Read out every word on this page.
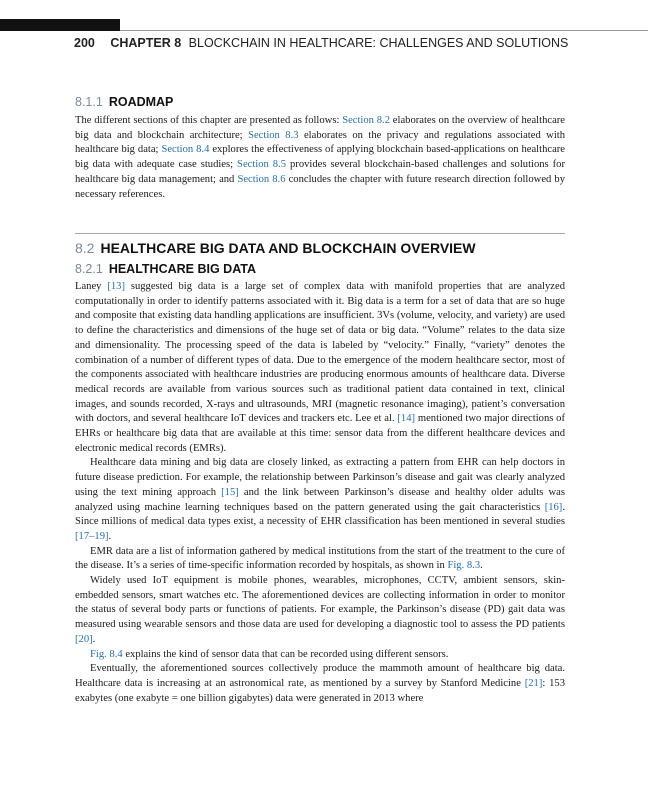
200 CHAPTER 8 BLOCKCHAIN IN HEALTHCARE: CHALLENGES AND SOLUTIONS
8.1.1 ROADMAP

The different sections of this chapter are presented as follows: Section 8.2 elaborates on the overview of healthcare big data and blockchain architecture; Section 8.3 elaborates on the privacy and regulations associated with healthcare big data; Section 8.4 explores the effectiveness of applying blockchain based-applications on healthcare big data with adequate case studies; Section 8.5 provides several blockchain-based challenges and solutions for healthcare big data management; and Section 8.6 concludes the chapter with future research direction followed by necessary references.

8.2 HEALTHCARE BIG DATA AND BLOCKCHAIN OVERVIEW
8.2.1 HEALTHCARE BIG DATA

Laney [13] suggested big data is a large set of complex data with manifold properties that are analyzed computationally in order to identify patterns associated with it. Big data is a term for a set of data that are so huge and composite that existing data handling applications are insufficient. 3Vs (volume, velocity, and variety) are used to define the characteristics and dimensions of the huge set of data or big data. “Volume” relates to the data size and dimensionality. The processing speed of the data is labeled by “velocity.” Finally, “variety” denotes the combination of a number of different types of data. Due to the emergence of the modern healthcare sector, most of the components associated with healthcare industries are producing enormous amounts of healthcare data. Diverse medical records are available from various sources such as traditional patient data contained in text, clinical images, and sounds recorded, X-rays and ultrasounds, MRI (magnetic resonance imaging), patient’s conversation with doctors, and several healthcare IoT devices and trackers etc. Lee et al. [14] mentioned two major directions of EHRs or healthcare big data that are available at this time: sensor data from the different healthcare devices and electronic medical records (EMRs).

Healthcare data mining and big data are closely linked, as extracting a pattern from EHR can help doctors in future disease prediction. For example, the relationship between Parkinson’s disease and gait was clearly analyzed using the text mining approach [15] and the link between Parkinson’s disease and healthy older adults was analyzed using machine learning techniques based on the pattern generated using the gait characteristics [16]. Since millions of medical data types exist, a necessity of EHR classification has been mentioned in several studies [17–19].

EMR data are a list of information gathered by medical institutions from the start of the treatment to the cure of the disease. It’s a series of time-specific information recorded by hospitals, as shown in Fig. 8.3.

Widely used IoT equipment is mobile phones, wearables, microphones, CCTV, ambient sensors, skin-embedded sensors, smart watches etc. The aforementioned devices are collecting information in order to monitor the status of several body parts or functions of patients. For example, the Parkinson’s disease (PD) gait data was measured using wearable sensors and those data are used for developing a diagnostic tool to assess the PD patients [20].

Fig. 8.4 explains the kind of sensor data that can be recorded using different sensors.

Eventually, the aforementioned sources collectively produce the mammoth amount of healthcare big data. Healthcare data is increasing at an astronomical rate, as mentioned by a survey by Stanford Medicine [21]: 153 exabytes (one exabyte = one billion gigabytes) data were generated in 2013 where
